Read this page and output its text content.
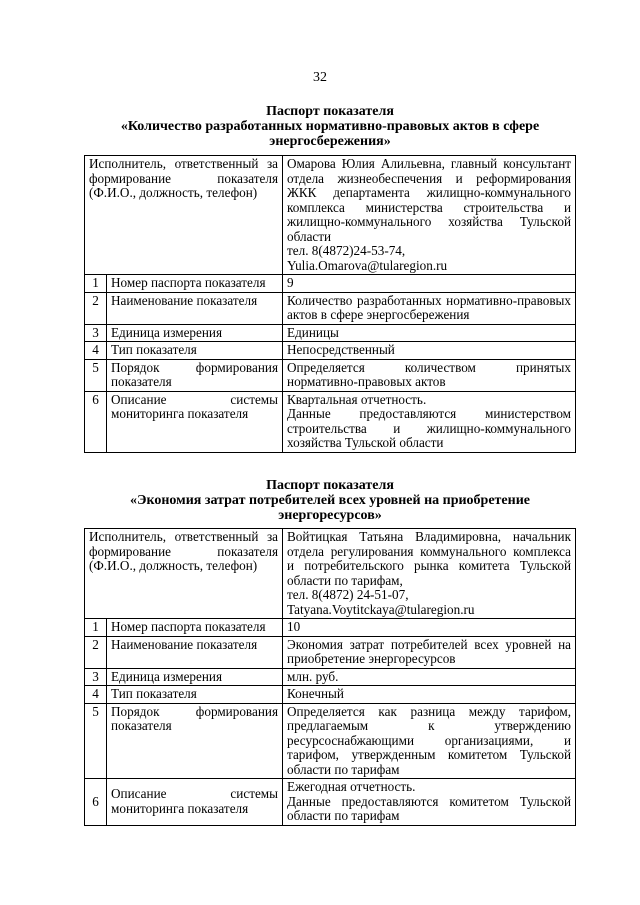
32
Паспорт показателя
«Количество разработанных нормативно-правовых актов в сфере
энергосбережения»
Исполнитель, ответственный за формирование показателя (Ф.И.О., должность, телефон)		Омарова Юлия Алильевна, главный консультант отдела жизнеобеспечения и реформирования ЖКК департамента жилищно-коммунального комплекса министерства строительства и жилищно-коммунального хозяйства Тульской области
тел. 8(4872)24-53-74,
Yulia.Omarova@tularegion.ru

1	Номер паспорта показателя	9
2	Наименование показателя	Количество разработанных нормативно-правовых актов в сфере энергосбережения
3	Единица измерения	Единицы
4	Тип показателя	Непосредственный
5	Порядок формирования показателя	Определяется количеством принятых нормативно-правовых актов
6	Описание системы мониторинга показателя	Квартальная отчетность.
Данные предоставляются министерством строительства и жилищно-коммунального хозяйства Тульской области
Паспорт показателя
«Экономия затрат потребителей всех уровней на приобретение
энергоресурсов»
Исполнитель, ответственный за формирование показателя (Ф.И.О., должность, телефон)		Войтицкая Татьяна Владимировна, начальник отдела регулирования коммунального комплекса и потребительского рынка комитета Тульской области по тарифам,
тел. 8(4872) 24-51-07,
Tatyana.Voytitckaya@tularegion.ru

1	Номер паспорта показателя	10
2	Наименование показателя	Экономия затрат потребителей всех уровней на приобретение энергоресурсов
3	Единица измерения	млн. руб.
4	Тип показателя	Конечный
5	Порядок формирования показателя	Определяется как разница между тарифом, предлагаемым к утверждению ресурсоснабжающими организациями, и тарифом, утвержденным комитетом Тульской области по тарифам
6	Описание системы мониторинга показателя	Ежегодная отчетность.
Данные предоставляются комитетом Тульской области по тарифам
